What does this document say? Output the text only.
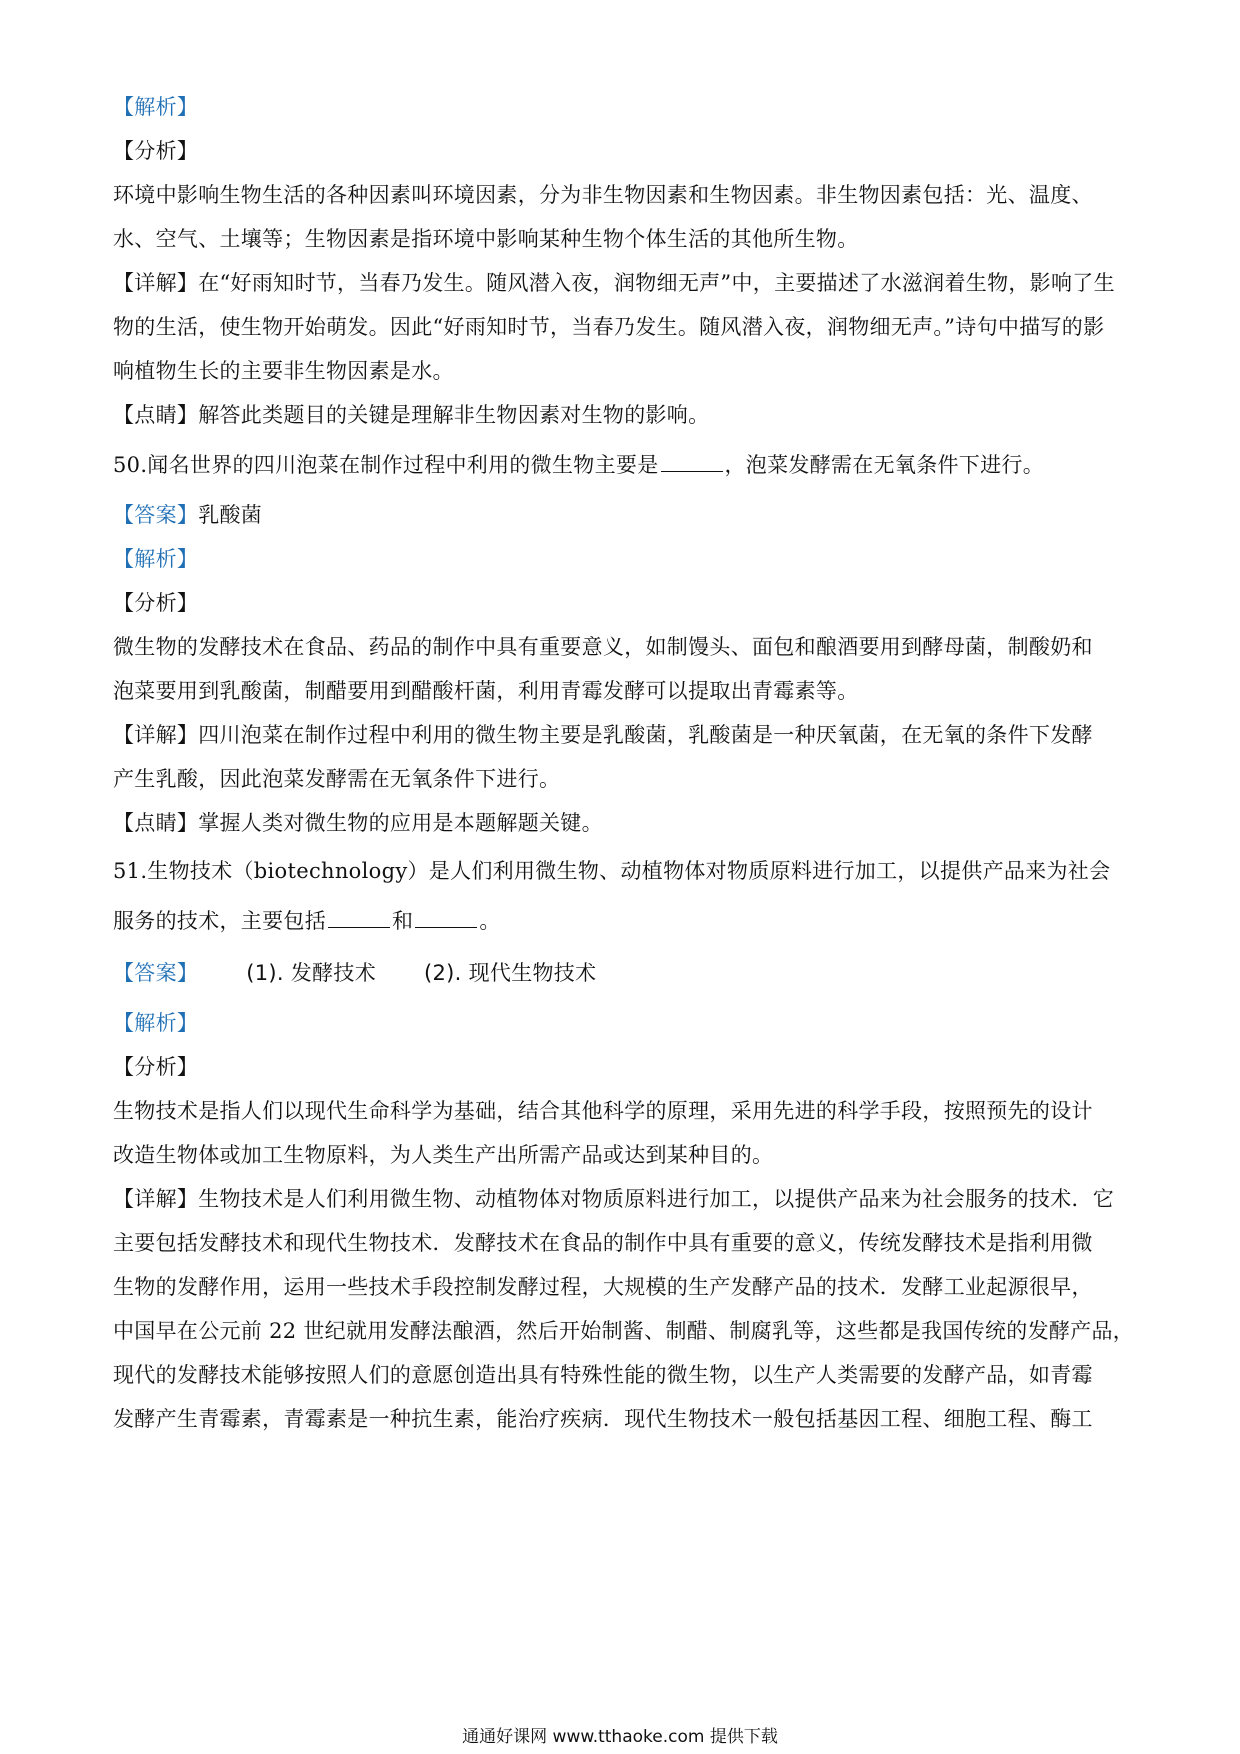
【解析】
【分析】
环境中影响生物生活的各种因素叫环境因素，分为非生物因素和生物因素。非生物因素包括：光、温度、
水、空气、土壤等；生物因素是指环境中影响某种生物个体生活的其他所生物。
【详解】在“好雨知时节，当春乃发生。随风潜入夜，润物细无声”中，主要描述了水滋润着生物，影响了生
物的生活，使生物开始萌发。因此“好雨知时节，当春乃发生。随风潜入夜，润物细无声。”诗句中描写的影
响植物生长的主要非生物因素是水。
【点睛】解答此类题目的关键是理解非生物因素对生物的影响。
50.闻名世界的四川泡菜在制作过程中利用的微生物主要是	，泡菜发酵需在无氧条件下进行。
【答案】乳酸菌
【解析】
【分析】
微生物的发酵技术在食品、药品的制作中具有重要意义，如制馒头、面包和酿酒要用到酵母菌，制酸奶和
泡菜要用到乳酸菌，制醋要用到醋酸杆菌，利用青霉发酵可以提取出青霉素等。
【详解】四川泡菜在制作过程中利用的微生物主要是乳酸菌，乳酸菌是一种厌氧菌，在无氧的条件下发酵
产生乳酸，因此泡菜发酵需在无氧条件下进行。
【点睛】掌握人类对微生物的应用是本题解题关键。
51.生物技术（biotechnology）是人们利用微生物、动植物体对物质原料进行加工，以提供产品来为社会
服务的技术，主要包括	和	。
【答案】 (1). 发酵技术 (2). 现代生物技术
【解析】
【分析】
生物技术是指人们以现代生命科学为基础，结合其他科学的原理，采用先进的科学手段，按照预先的设计
改造生物体或加工生物原料，为人类生产出所需产品或达到某种目的。
【详解】生物技术是人们利用微生物、动植物体对物质原料进行加工，以提供产品来为社会服务的技术．它
主要包括发酵技术和现代生物技术．发酵技术在食品的制作中具有重要的意义，传统发酵技术是指利用微
生物的发酵作用，运用一些技术手段控制发酵过程，大规模的生产发酵产品的技术．发酵工业起源很早，
中国早在公元前 22 世纪就用发酵法酿酒，然后开始制酱、制醋、制腐乳等，这些都是我国传统的发酵产品，
现代的发酵技术能够按照人们的意愿创造出具有特殊性能的微生物，以生产人类需要的发酵产品，如青霉
发酵产生青霉素，青霉素是一种抗生素，能治疗疾病．现代生物技术一般包括基因工程、细胞工程、酶工
通通好课网 www.tthaoke.com 提供下载
